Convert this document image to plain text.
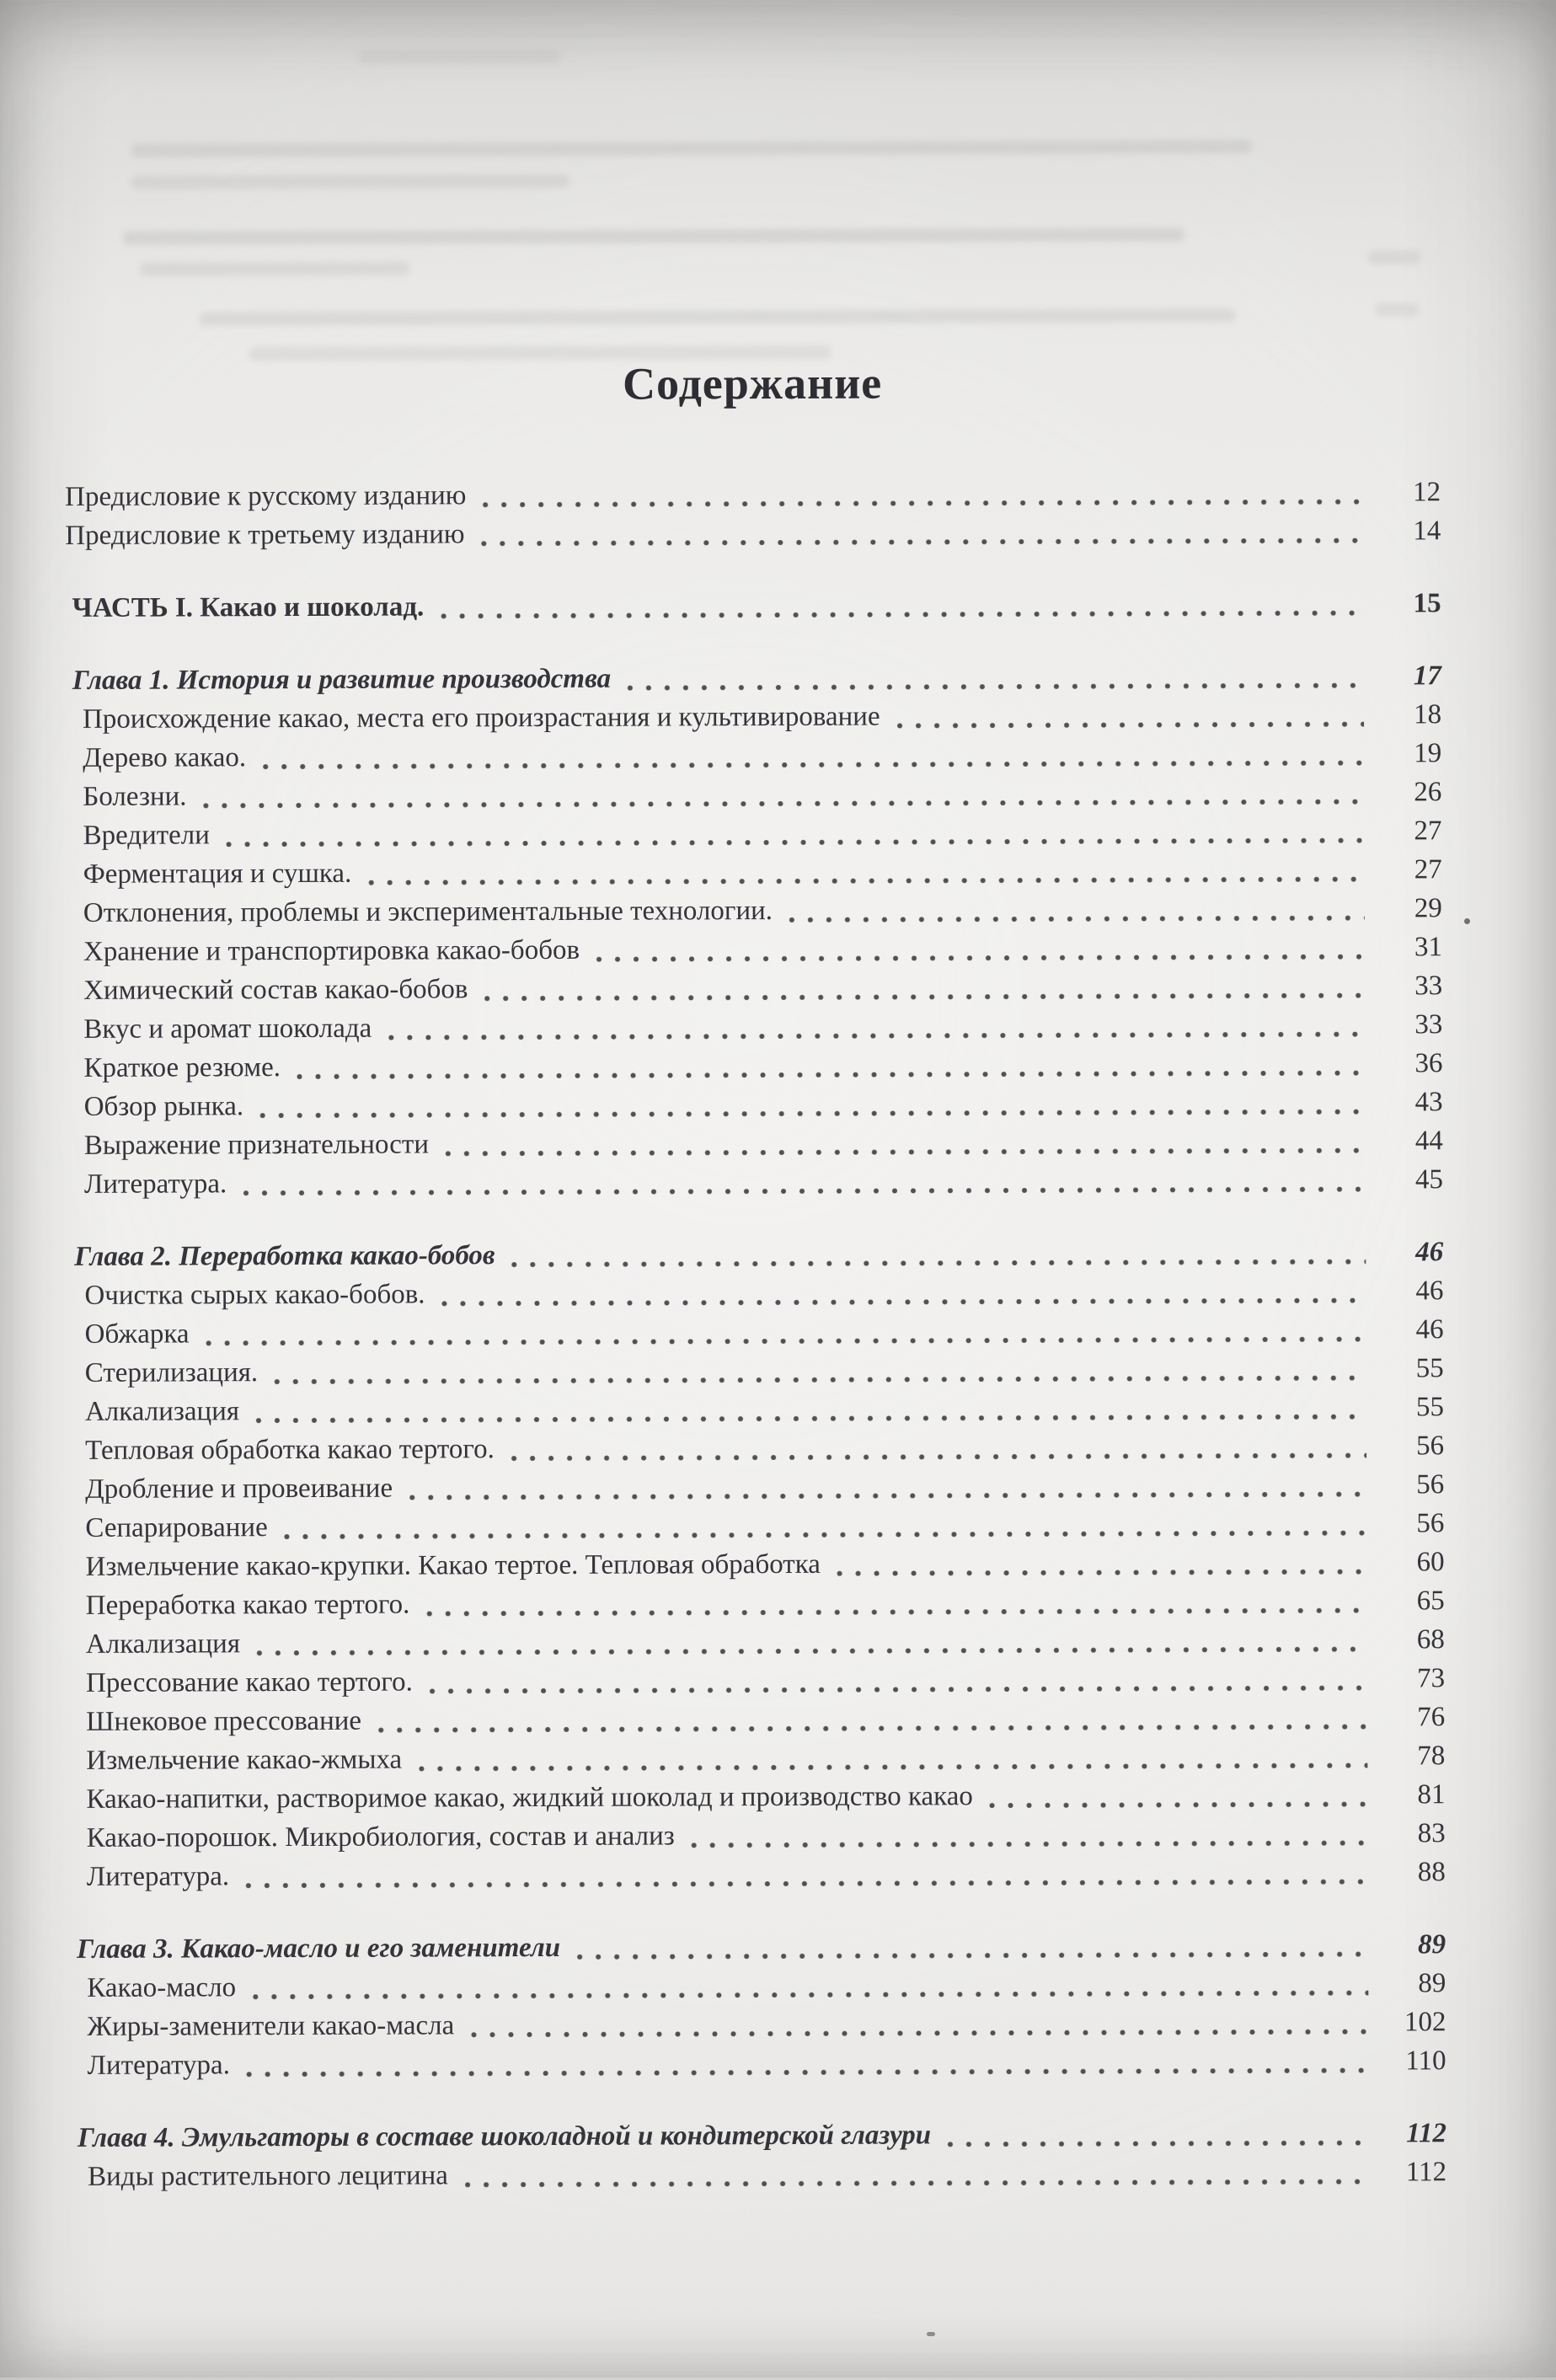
Содержание
Предисловие к русскому изданию	12
Предисловие к третьему изданию	14
ЧАСТЬ I. Какао и шоколад.	15
Глава 1. История и развитие производства	17
Происхождение какао, места его произрастания и культивирование	18
Дерево какао.	19
Болезни.	26
Вредители	27
Ферментация и сушка.	27
Отклонения, проблемы и экспериментальные технологии.	29
Хранение и транспортировка какао-бобов	31
Химический состав какао-бобов	33
Вкус и аромат шоколада	33
Краткое резюме.	36
Обзор рынка.	43
Выражение признательности	44
Литература.	45
Глава 2. Переработка какао-бобов	46
Очистка сырых какао-бобов.	46
Обжарка	46
Стерилизация.	55
Алкализация	55
Тепловая обработка какао тертого.	56
Дробление и провеивание	56
Сепарирование	56
Измельчение какао-крупки. Какао тертое. Тепловая обработка	60
Переработка какао тертого.	65
Алкализация	68
Прессование какао тертого.	73
Шнековое прессование	76
Измельчение какао-жмыха	78
Какао-напитки, растворимое какао, жидкий шоколад и производство какао	81
Какао-порошок. Микробиология, состав и анализ	83
Литература.	88
Глава 3. Какао-масло и его заменители	89
Какао-масло	89
Жиры-заменители какао-масла	102
Литература.	110
Глава 4. Эмульгаторы в составе шоколадной и кондитерской глазури	112
Виды растительного лецитина	112
